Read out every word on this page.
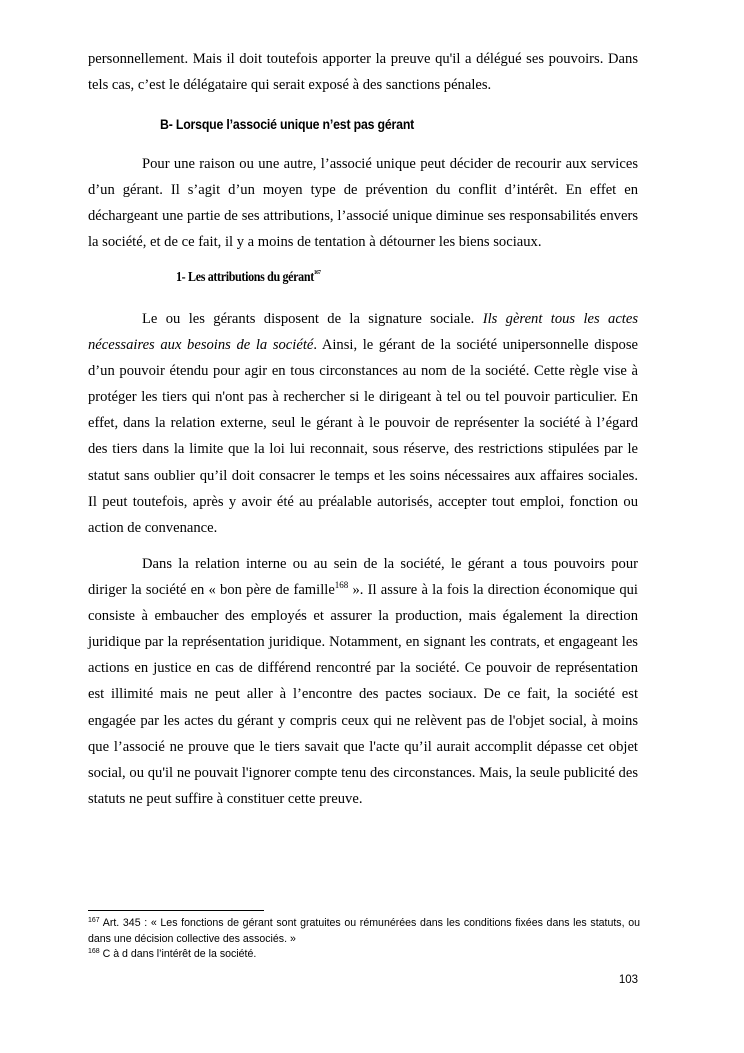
personnellement. Mais il doit toutefois apporter la preuve qu'il a délégué ses pouvoirs. Dans tels cas, c’est le délégataire qui serait exposé à des sanctions pénales.

B- Lorsque l’associé unique n’est pas gérant

Pour une raison ou une autre, l’associé unique peut décider de recourir aux services d’un gérant. Il s’agit d’un moyen type de prévention du conflit d’intérêt. En effet en déchargeant une partie de ses attributions, l’associé unique diminue ses responsabilités envers la société, et de ce fait, il y a moins de tentation à détourner les biens sociaux.

1- Les attributions du gérant$^{167}$

Le ou les gérants disposent de la signature sociale. Ils gèrent tous les actes nécessaires aux besoins de la société. Ainsi, le gérant de la société unipersonnelle dispose d’un pouvoir étendu pour agir en tous circonstances au nom de la société. Cette règle vise à protéger les tiers qui n'ont pas à rechercher si le dirigeant à tel ou tel pouvoir particulier. En effet, dans la relation externe, seul le gérant à le pouvoir de représenter la société à l’égard des tiers dans la limite que la loi lui reconnait, sous réserve, des restrictions stipulées par le statut sans oublier qu’il doit consacrer le temps et les soins nécessaires aux affaires sociales. Il peut toutefois, après y avoir été au préalable autorisés, accepter tout emploi, fonction ou action de convenance.

Dans la relation interne ou au sein de la société, le gérant a tous pouvoirs pour diriger la société en « bon père de famille$^{168}$ ». Il assure à la fois la direction économique qui consiste à embaucher des employés et assurer la production, mais également la direction juridique par la représentation juridique. Notamment, en signant les contrats, et engageant les actions en justice en cas de différend rencontré par la société. Ce pouvoir de représentation est illimité mais ne peut aller à l’encontre des pactes sociaux. De ce fait, la société est engagée par les actes du gérant y compris ceux qui ne relèvent pas de l'objet social, à moins que l’associé ne prouve que le tiers savait que l'acte qu’il aurait accomplit dépasse cet objet social, ou qu'il ne pouvait l'ignorer compte tenu des circonstances. Mais, la seule publicité des statuts ne peut suffire à constituer cette preuve.

$^{167}$ Art. 345 : « Les fonctions de gérant sont gratuites ou rémunérées dans les conditions fixées dans les statuts, ou dans une décision collective des associés. »

$^{168}$ C à d dans l’intérêt de la société.

103
